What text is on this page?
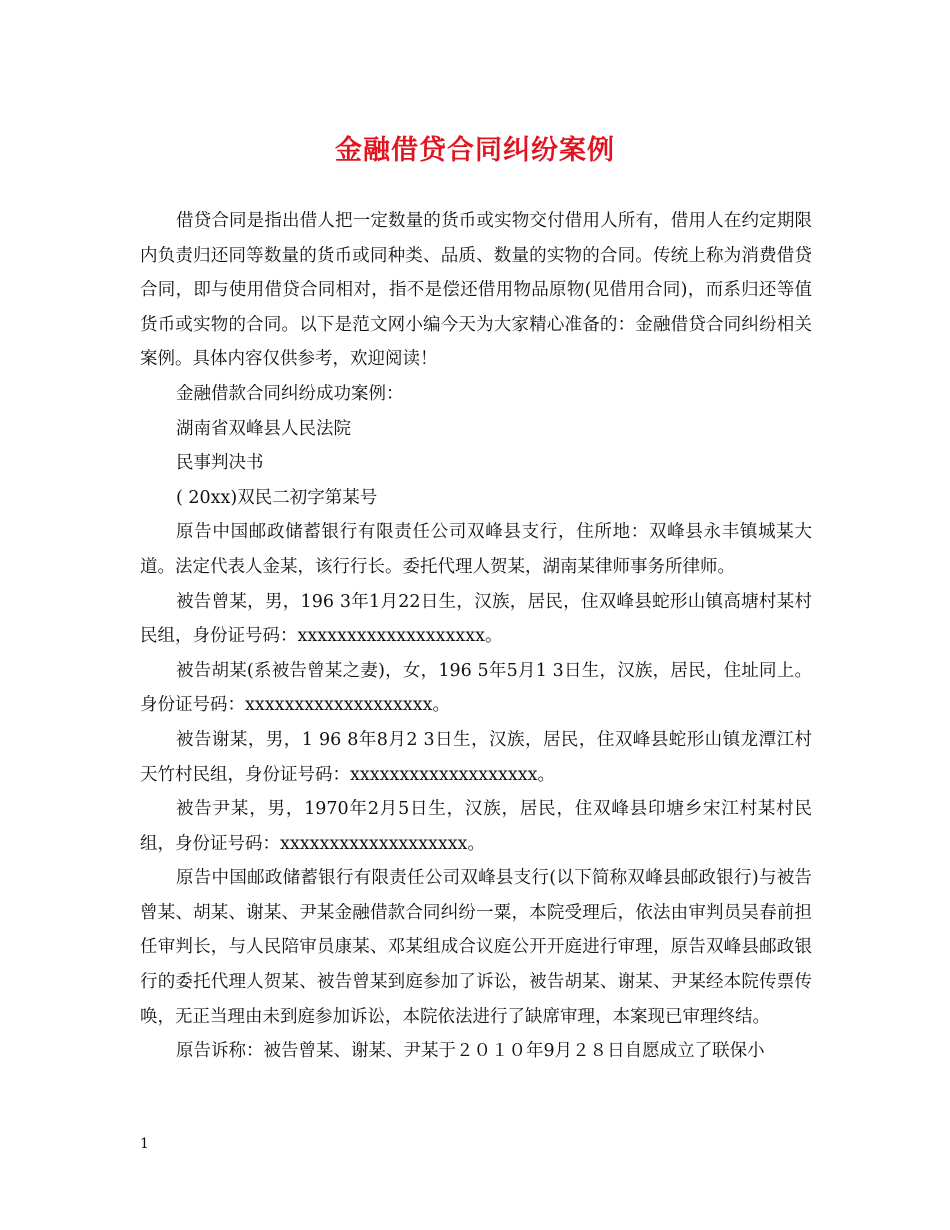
金融借贷合同纠纷案例

借贷合同是指出借人把一定数量的货币或实物交付借用人所有，借用人在约定期限内负责归还同等数量的货币或同种类、品质、数量的实物的合同。传统上称为消费借贷合同，即与使用借贷合同相对，指不是偿还借用物品原物(见借用合同)，而系归还等值货币或实物的合同。以下是范文网小编今天为大家精心准备的：金融借贷合同纠纷相关案例。具体内容仅供参考，欢迎阅读！

金融借款合同纠纷成功案例：

湖南省双峰县人民法院

民事判决书

( 20xx)双民二初字第某号

原告中国邮政储蓄银行有限责任公司双峰县支行，住所地：双峰县永丰镇城某大道。法定代表人金某，该行行长。委托代理人贺某，湖南某律师事务所律师。

被告曾某，男，196 3年1月22日生，汉族，居民，住双峰县蛇形山镇高塘村某村民组，身份证号码：xxxxxxxxxxxxxxxxxxx。

被告胡某(系被告曾某之妻)，女，196 5年5月1 3日生，汉族，居民，住址同上。身份证号码：xxxxxxxxxxxxxxxxxxx。

被告谢某，男，1 96 8年8月2 3日生，汉族，居民，住双峰县蛇形山镇龙潭江村天竹村民组，身份证号码：xxxxxxxxxxxxxxxxxxx。

被告尹某，男，1970年2月5日生，汉族，居民，住双峰县印塘乡宋江村某村民组，身份证号码：xxxxxxxxxxxxxxxxxxx。

原告中国邮政储蓄银行有限责任公司双峰县支行(以下简称双峰县邮政银行)与被告曾某、胡某、谢某、尹某金融借款合同纠纷一粟，本院受理后，依法由审判员吴春前担任审判长，与人民陪审员康某、邓某组成合议庭公开开庭进行审理，原告双峰县邮政银行的委托代理人贺某、被告曾某到庭参加了诉讼，被告胡某、谢某、尹某经本院传票传唤，无正当理由未到庭参加诉讼，本院依法进行了缺席审理，本案现已审理终结。

原告诉称：被告曾某、谢某、尹某于２０１０年9月２８日自愿成立了联保小

1
